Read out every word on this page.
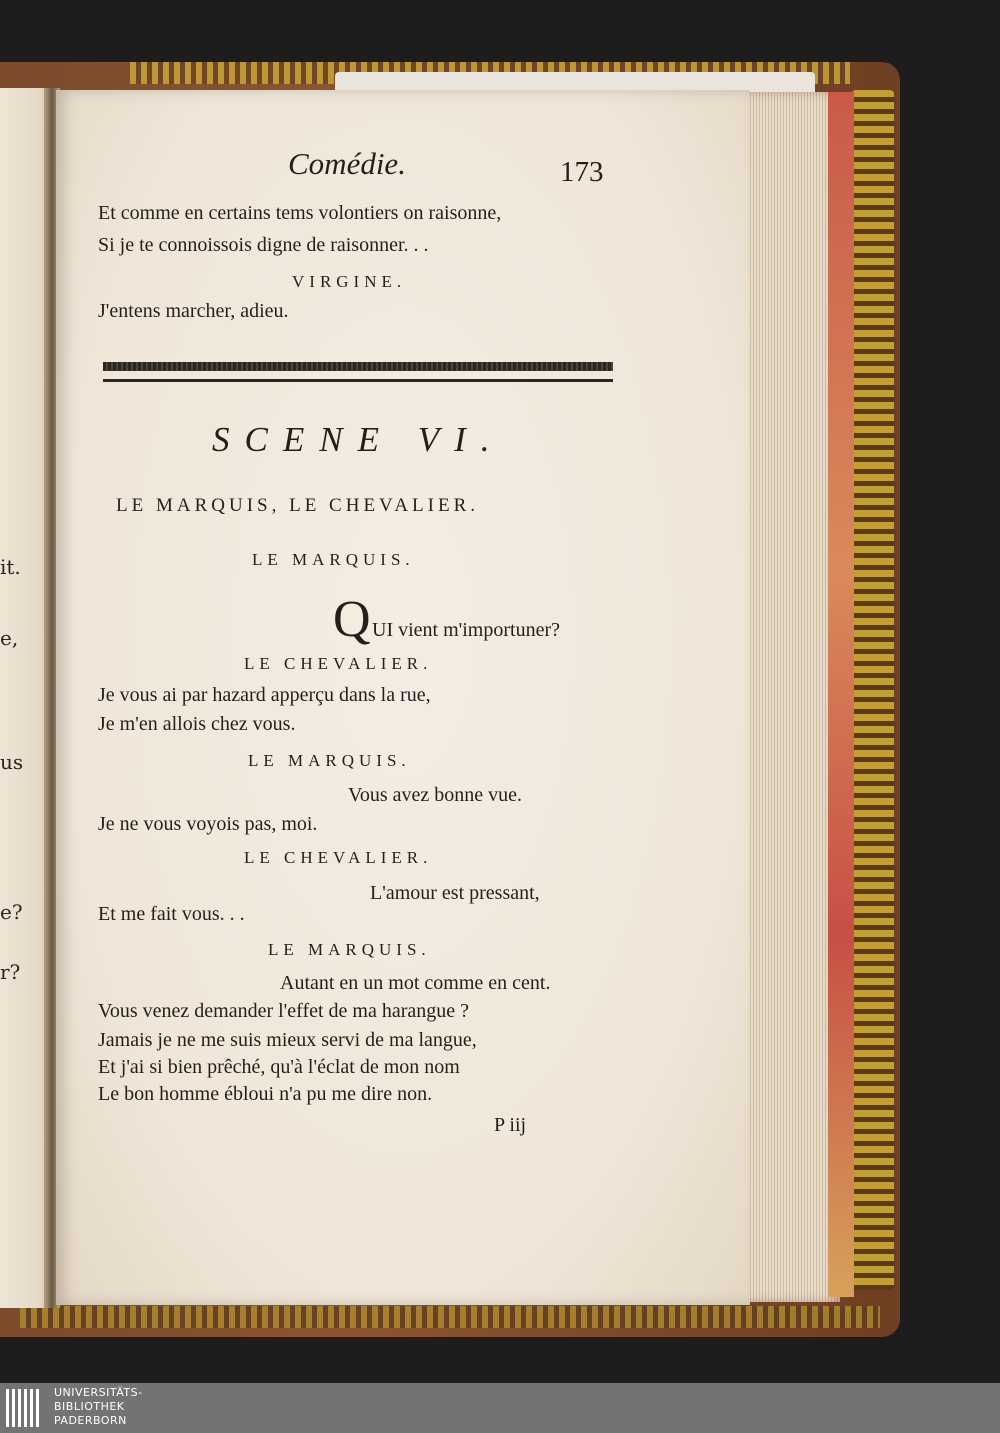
it.
e,
us
e?
r?
Comédie.	173
Et comme en certains tems volontiers on raisonne,
Si je te connoissois digne de raisonner. . .
VIRGINE.
J'entens marcher, adieu.
SCENE VI.
LE MARQUIS, LE CHEVALIER.
LE MARQUIS.
Q UI vient m'importuner?
LE CHEVALIER.
Je vous ai par hazard apperçu dans la rue,
Je m'en allois chez vous.
LE MARQUIS.
Vous avez bonne vue.
Je ne vous voyois pas, moi.
LE CHEVALIER.
L'amour est pressant,
Et me fait vous. . .
LE MARQUIS.
Autant en un mot comme en cent.
Vous venez demander l'effet de ma harangue ?
Jamais je ne me suis mieux servi de ma langue,
Et j'ai si bien prêché, qu'à l'éclat de mon nom
Le bon homme ébloui n'a pu me dire non.
P iij
UNIVERSITÄTS-
BIBLIOTHEK
PADERBORN
